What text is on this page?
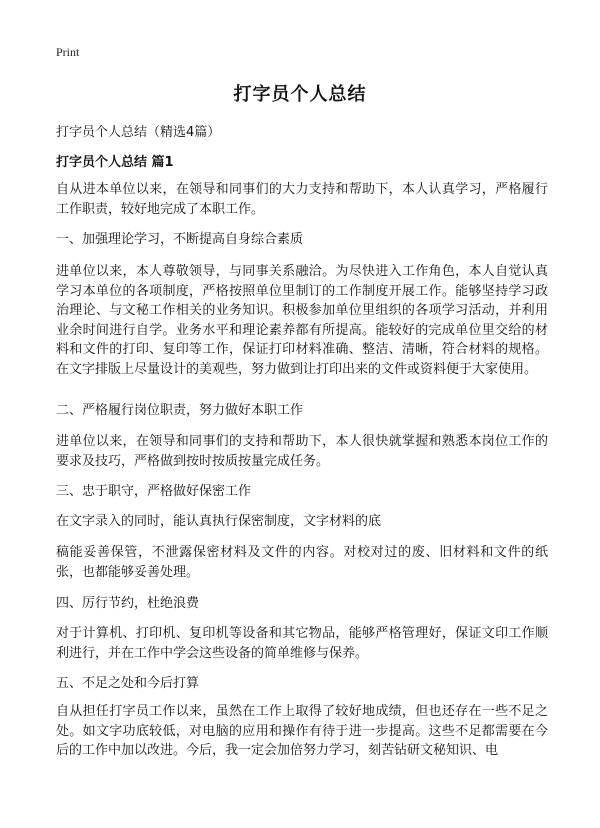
Print
打字员个人总结

打字员个人总结（精选4篇）

打字员个人总结 篇1

自从进本单位以来，在领导和同事们的大力支持和帮助下，本人认真学习，严格履行工作职责，较好地完成了本职工作。

一、加强理论学习，不断提高自身综合素质

进单位以来，本人尊敬领导，与同事关系融洽。为尽快进入工作角色，本人自觉认真学习本单位的各项制度，严格按照单位里制订的工作制度开展工作。能够坚持学习政治理论、与文秘工作相关的业务知识。积极参加单位里组织的各项学习活动，并利用业余时间进行自学。业务水平和理论素养都有所提高。能较好的完成单位里交给的材料和文件的打印、复印等工作，保证打印材料准确、整洁、清晰，符合材料的规格。在文字排版上尽量设计的美观些，努力做到让打印出来的文件或资料便于大家使用。

二、严格履行岗位职责，努力做好本职工作

进单位以来，在领导和同事们的支持和帮助下，本人很快就掌握和熟悉本岗位工作的要求及技巧，严格做到按时按质按量完成任务。

三、忠于职守，严格做好保密工作

在文字录入的同时，能认真执行保密制度，文字材料的底

稿能妥善保管，不泄露保密材料及文件的内容。对校对过的废、旧材料和文件的纸张，也都能够妥善处理。

四、厉行节约，杜绝浪费

对于计算机、打印机、复印机等设备和其它物品，能够严格管理好，保证文印工作顺利进行，并在工作中学会这些设备的简单维修与保养。

五、不足之处和今后打算

自从担任打字员工作以来，虽然在工作上取得了较好地成绩，但也还存在一些不足之处。如文字功底较低，对电脑的应用和操作有待于进一步提高。这些不足都需要在今后的工作中加以改进。今后，我一定会加倍努力学习，刻苦钻研文秘知识、电
